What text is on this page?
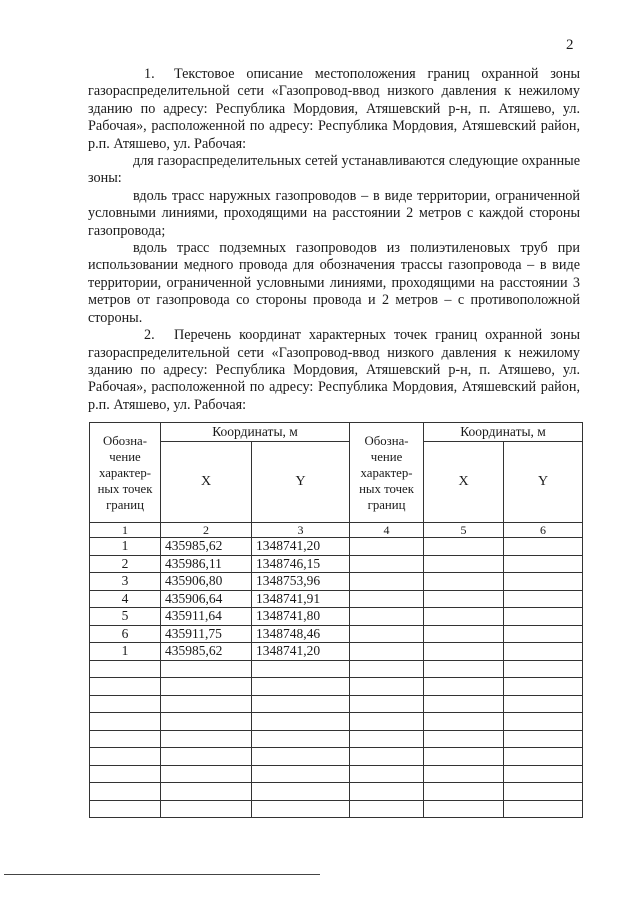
2

1. Текстовое описание местоположения границ охранной зоны газораспределительной сети «Газопровод-ввод низкого давления к нежилому зданию по адресу: Республика Мордовия, Атяшевский р-н, п. Атяшево, ул. Рабочая», расположенной по адресу: Республика Мордовия, Атяшевский район, р.п. Атяшево, ул. Рабочая:

для газораспределительных сетей устанавливаются следующие охранные зоны:

вдоль трасс наружных газопроводов – в виде территории, ограниченной условными линиями, проходящими на расстоянии 2 метров с каждой стороны газопровода;

вдоль трасс подземных газопроводов из полиэтиленовых труб при использовании медного провода для обозначения трассы газопровода – в виде территории, ограниченной условными линиями, проходящими на расстоянии 3 метров от газопровода со стороны провода и 2 метров – с противоположной стороны.

2. Перечень координат характерных точек границ охранной зоны газораспределительной сети «Газопровод-ввод низкого давления к нежилому зданию по адресу: Республика Мордовия, Атяшевский р-н, п. Атяшево, ул. Рабочая», расположенной по адресу: Республика Мордовия, Атяшевский район, р.п. Атяшево, ул. Рабочая:

Обозна-чение характер-ных точек границ	Координаты, м		Обозна-чение характер-ных точек границ	Координаты, м	
	X	Y		X	Y
1	2	3	4	5	6
1	435985,62	1348741,20			
2	435986,11	1348746,15			
3	435906,80	1348753,96			
4	435906,64	1348741,91			
5	435911,64	1348741,80			
6	435911,75	1348748,46			
1	435985,62	1348741,20			
